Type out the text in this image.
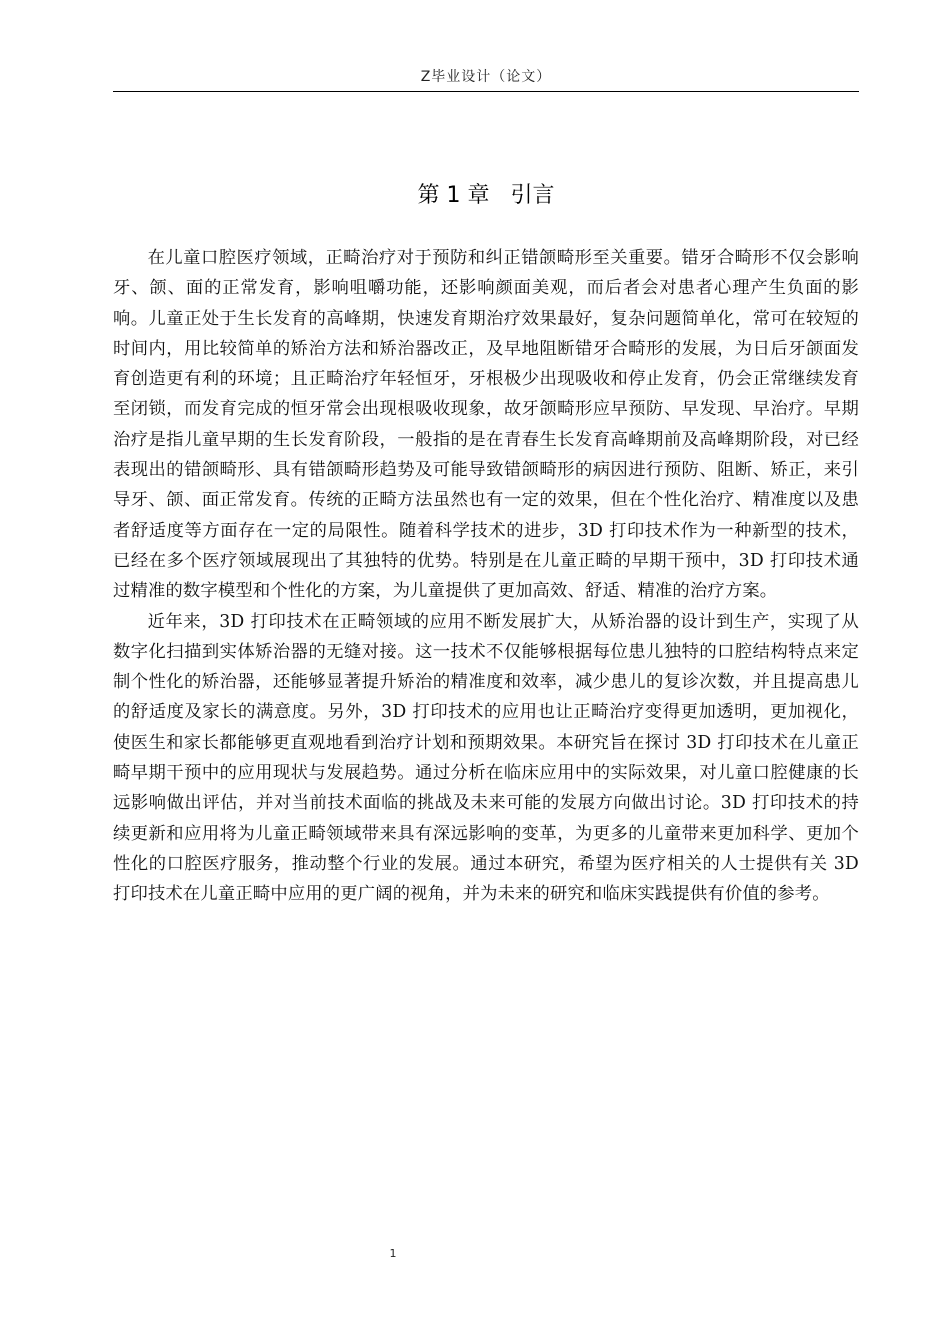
Z毕业设计（论文）
第 1 章   引言

在儿童口腔医疗领域，正畸治疗对于预防和纠正错颌畸形至关重要。错牙合畸形不仅会影响牙、颌、面的正常发育，影响咀嚼功能，还影响颜面美观，而后者会对患者心理产生负面的影响。儿童正处于生长发育的高峰期，快速发育期治疗效果最好，复杂问题简单化，常可在较短的时间内，用比较简单的矫治方法和矫治器改正，及早地阻断错牙合畸形的发展，为日后牙颌面发育创造更有利的环境；且正畸治疗年轻恒牙，牙根极少出现吸收和停止发育，仍会正常继续发育至闭锁，而发育完成的恒牙常会出现根吸收现象，故牙颌畸形应早预防、早发现、早治疗。早期治疗是指儿童早期的生长发育阶段，一般指的是在青春生长发育高峰期前及高峰期阶段，对已经表现出的错颌畸形、具有错颌畸形趋势及可能导致错颌畸形的病因进行预防、阻断、矫正，来引导牙、颌、面正常发育。传统的正畸方法虽然也有一定的效果，但在个性化治疗、精准度以及患者舒适度等方面存在一定的局限性。随着科学技术的进步，3D 打印技术作为一种新型的技术，已经在多个医疗领域展现出了其独特的优势。特别是在儿童正畸的早期干预中，3D 打印技术通过精准的数字模型和个性化的方案，为儿童提供了更加高效、舒适、精准的治疗方案。

近年来，3D 打印技术在正畸领域的应用不断发展扩大，从矫治器的设计到生产，实现了从数字化扫描到实体矫治器的无缝对接。这一技术不仅能够根据每位患儿独特的口腔结构特点来定制个性化的矫治器，还能够显著提升矫治的精准度和效率，减少患儿的复诊次数，并且提高患儿的舒适度及家长的满意度。另外，3D 打印技术的应用也让正畸治疗变得更加透明，更加视化，使医生和家长都能够更直观地看到治疗计划和预期效果。本研究旨在探讨 3D 打印技术在儿童正畸早期干预中的应用现状与发展趋势。通过分析在临床应用中的实际效果，对儿童口腔健康的长远影响做出评估，并对当前技术面临的挑战及未来可能的发展方向做出讨论。3D 打印技术的持续更新和应用将为儿童正畸领域带来具有深远影响的变革，为更多的儿童带来更加科学、更加个性化的口腔医疗服务，推动整个行业的发展。通过本研究，希望为医疗相关的人士提供有关 3D 打印技术在儿童正畸中应用的更广阔的视角，并为未来的研究和临床实践提供有价值的参考。

1
